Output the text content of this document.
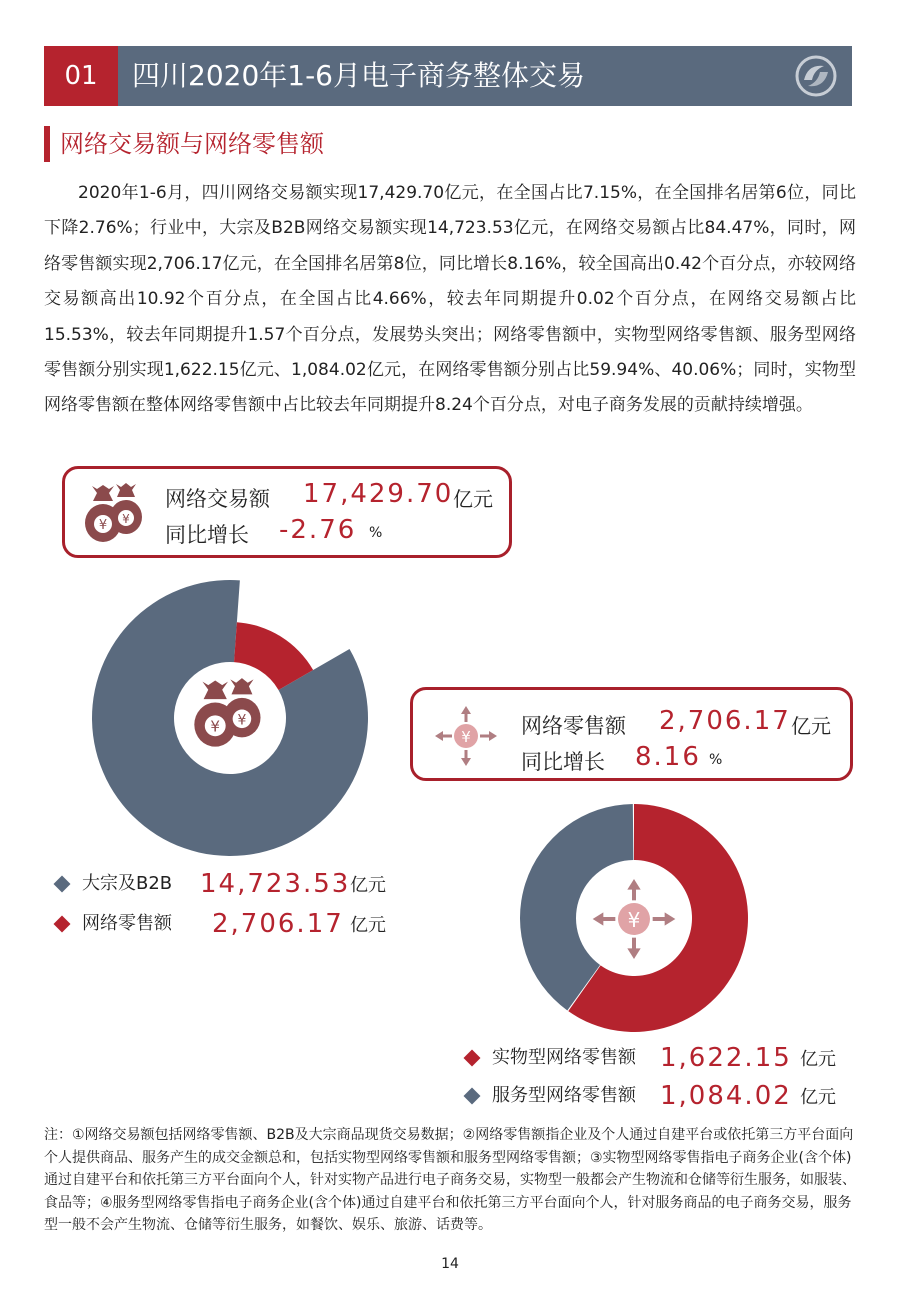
01	四川2020年1-6月电子商务整体交易
网络交易额与网络零售额
2020年1-6月，四川网络交易额实现17,429.70亿元，在全国占比7.15%，在全国排名居第6位，同比下降2.76%；行业中，大宗及B2B网络交易额实现14,723.53亿元，在网络交易额占比84.47%，同时，网络零售额实现2,706.17亿元，在全国排名居第8位，同比增长8.16%，较全国高出0.42个百分点，亦较网络交易额高出10.92个百分点，在全国占比4.66%，较去年同期提升0.02个百分点，在网络交易额占比15.53%，较去年同期提升1.57个百分点，发展势头突出；网络零售额中，实物型网络零售额、服务型网络零售额分别实现1,622.15亿元、1,084.02亿元，在网络零售额分别占比59.94%、40.06%；同时，实物型网络零售额在整体网络零售额中占比较去年同期提升8.24个百分点，对电子商务发展的贡献持续增强。
¥ ¥
网络交易额 17,429.70 亿元
同比增长 -2.76 %
¥ ¥
大宗及B2B 14,723.53 亿元
网络零售额 2,706.17 亿元
¥ 网络零售额 2,706.17 亿元
同比增长 8.16 %
¥
实物型网络零售额 1,622.15 亿元
服务型网络零售额 1,084.02 亿元
注：①网络交易额包括网络零售额、B2B及大宗商品现货交易数据；②网络零售额指企业及个人通过自建平台或依托第三方平台面向个人提供商品、服务产生的成交金额总和，包括实物型网络零售额和服务型网络零售额；③实物型网络零售指电子商务企业(含个体)通过自建平台和依托第三方平台面向个人，针对实物产品进行电子商务交易，实物型一般都会产生物流和仓储等衍生服务，如服装、食品等；④服务型网络零售指电子商务企业(含个体)通过自建平台和依托第三方平台面向个人，针对服务商品的电子商务交易，服务型一般不会产生物流、仓储等衍生服务，如餐饮、娱乐、旅游、话费等。
14
